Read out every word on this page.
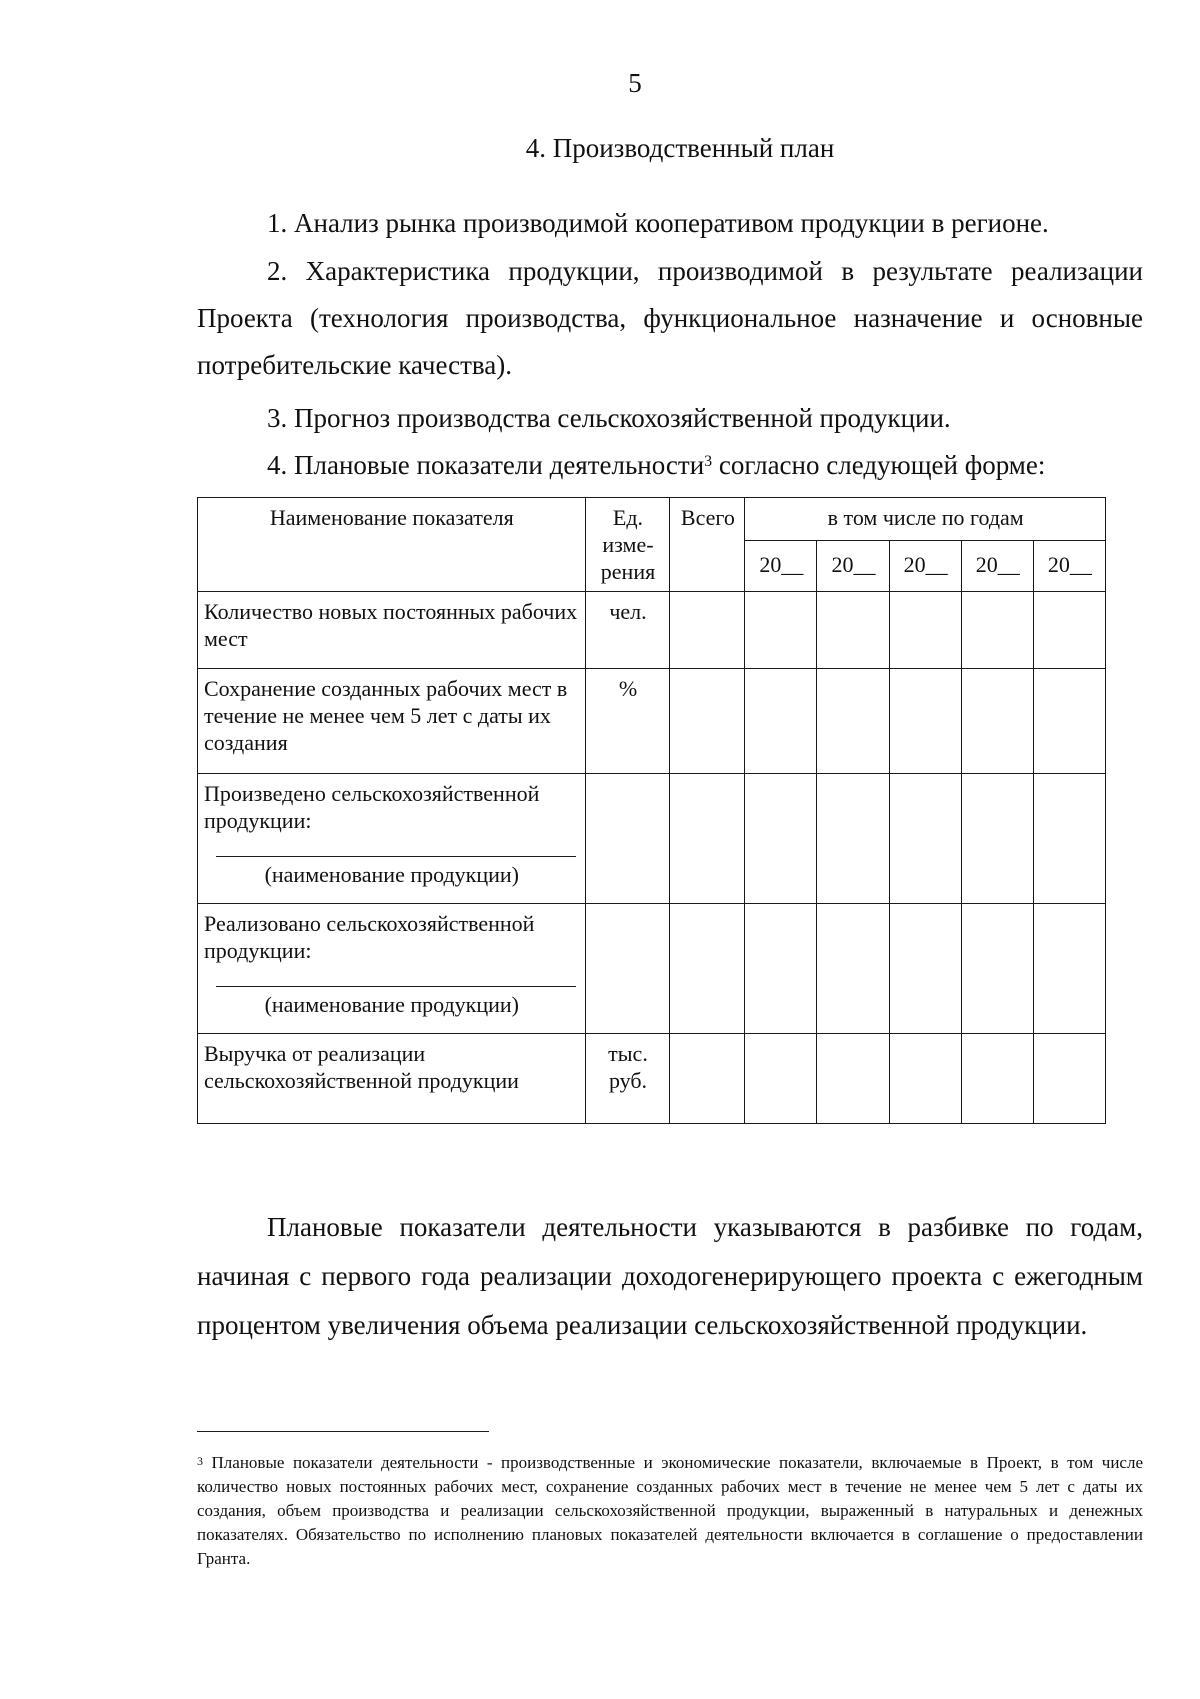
5
4. Производственный план
1. Анализ рынка производимой кооперативом продукции в регионе.
2. Характеристика продукции, производимой в результате реализации Проекта (технология производства, функциональное назначение и основные потребительские качества).
3. Прогноз производства сельскохозяйственной продукции.
4. Плановые показатели деятельности$^3$ согласно следующей форме:
Наименование показателя	Ед. изме-рения	Всего	в том числе по годам				
			20__	20__	20__	20__	20__
Количество новых постоянных рабочих мест	чел.						
Сохранение созданных рабочих мест в течение не менее чем 5 лет с даты их создания	%						
Произведено сельскохозяйственной продукции:
(наименование продукции)							

Реализовано сельскохозяйственной продукции:
(наименование продукции)							

Выручка от реализации сельскохозяйственной продукции	тыс. руб.						
Плановые показатели деятельности указываются в разбивке по годам, начиная с первого года реализации доходогенерирующего проекта с ежегодным процентом увеличения объема реализации сельскохозяйственной продукции.
$^3$ Плановые показатели деятельности - производственные и экономические показатели, включаемые в Проект, в том числе количество новых постоянных рабочих мест, сохранение созданных рабочих мест в течение не менее чем 5 лет с даты их создания, объем производства и реализации сельскохозяйственной продукции, выраженный в натуральных и денежных показателях. Обязательство по исполнению плановых показателей деятельности включается в соглашение о предоставлении Гранта.
